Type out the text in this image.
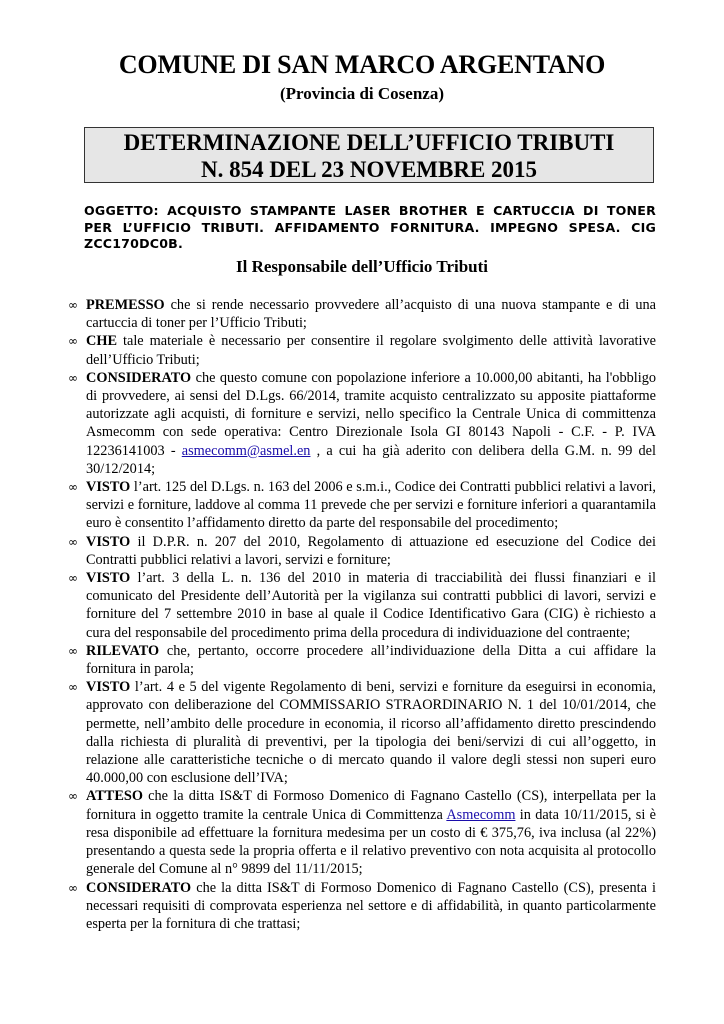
COMUNE DI SAN MARCO ARGENTANO
(Provincia di Cosenza)
DETERMINAZIONE DELL’UFFICIO TRIBUTI
N. 854 DEL 23 NOVEMBRE 2015
OGGETTO: ACQUISTO STAMPANTE LASER BROTHER E CARTUCCIA DI TONER PER L’UFFICIO TRIBUTI. AFFIDAMENTO FORNITURA. IMPEGNO SPESA. CIG ZCC170DC0B.
Il Responsabile dell’Ufficio Tributi
∞ PREMESSO che si rende necessario provvedere all’acquisto di una nuova stampante e di una cartuccia di toner per l’Ufficio Tributi;
∞ CHE tale materiale è necessario per consentire il regolare svolgimento delle attività lavorative dell’Ufficio Tributi;
∞ CONSIDERATO che questo comune con popolazione inferiore a 10.000,00 abitanti, ha l'obbligo di provvedere, ai sensi del D.Lgs. 66/2014, tramite acquisto centralizzato su apposite piattaforme autorizzate agli acquisti, di forniture e servizi, nello specifico la Centrale Unica di committenza Asmecomm con sede operativa: Centro Direzionale Isola GI 80143 Napoli - C.F. - P. IVA 12236141003 - asmecomm@asmel.en , a cui ha già aderito con delibera della G.M. n. 99 del 30/12/2014;
∞ VISTO l’art. 125 del D.Lgs. n. 163 del 2006 e s.m.i., Codice dei Contratti pubblici relativi a lavori, servizi e forniture, laddove al comma 11 prevede che per servizi e forniture inferiori a quarantamila euro è consentito l’affidamento diretto da parte del responsabile del procedimento;
∞ VISTO il D.P.R. n. 207 del 2010, Regolamento di attuazione ed esecuzione del Codice dei Contratti pubblici relativi a lavori, servizi e forniture;
∞ VISTO l’art. 3 della L. n. 136 del 2010 in materia di tracciabilità dei flussi finanziari e il comunicato del Presidente dell’Autorità per la vigilanza sui contratti pubblici di lavori, servizi e forniture del 7 settembre 2010 in base al quale il Codice Identificativo Gara (CIG) è richiesto a cura del responsabile del procedimento prima della procedura di individuazione del contraente;
∞ RILEVATO che, pertanto, occorre procedere all’individuazione della Ditta a cui affidare la fornitura in parola;
∞ VISTO l’art. 4 e 5 del vigente Regolamento di beni, servizi e forniture da eseguirsi in economia, approvato con deliberazione del COMMISSARIO STRAORDINARIO N. 1 del 10/01/2014, che permette, nell’ambito delle procedure in economia, il ricorso all’affidamento diretto prescindendo dalla richiesta di pluralità di preventivi, per la tipologia dei beni/servizi di cui all’oggetto, in relazione alle caratteristiche tecniche o di mercato quando il valore degli stessi non superi euro 40.000,00 con esclusione dell’IVA;
∞ ATTESO che la ditta IS&T di Formoso Domenico di Fagnano Castello (CS), interpellata per la fornitura in oggetto tramite la centrale Unica di Committenza Asmecomm in data 10/11/2015, si è resa disponibile ad effettuare la fornitura medesima per un costo di € 375,76, iva inclusa (al 22%) presentando a questa sede la propria offerta e il relativo preventivo con nota acquisita al protocollo generale del Comune al n° 9899 del 11/11/2015;
∞ CONSIDERATO che la ditta IS&T di Formoso Domenico di Fagnano Castello (CS), presenta i necessari requisiti di comprovata esperienza nel settore e di affidabilità, in quanto particolarmente esperta per la fornitura di che trattasi;
